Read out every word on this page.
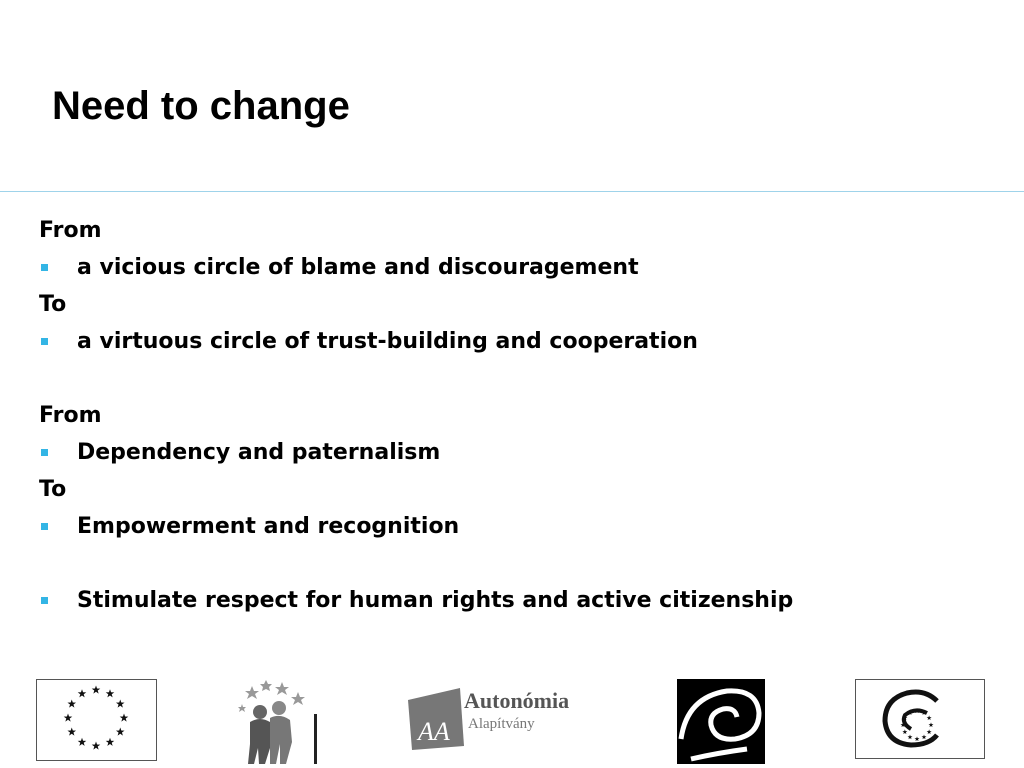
Need to change
From
a vicious circle of blame and discouragement
To
a virtuous circle of trust-building and cooperation
From
Dependency and paternalism
To
Empowerment and recognition
Stimulate respect for human rights and active citizenship
AA
Autonómia
Alapítvány
